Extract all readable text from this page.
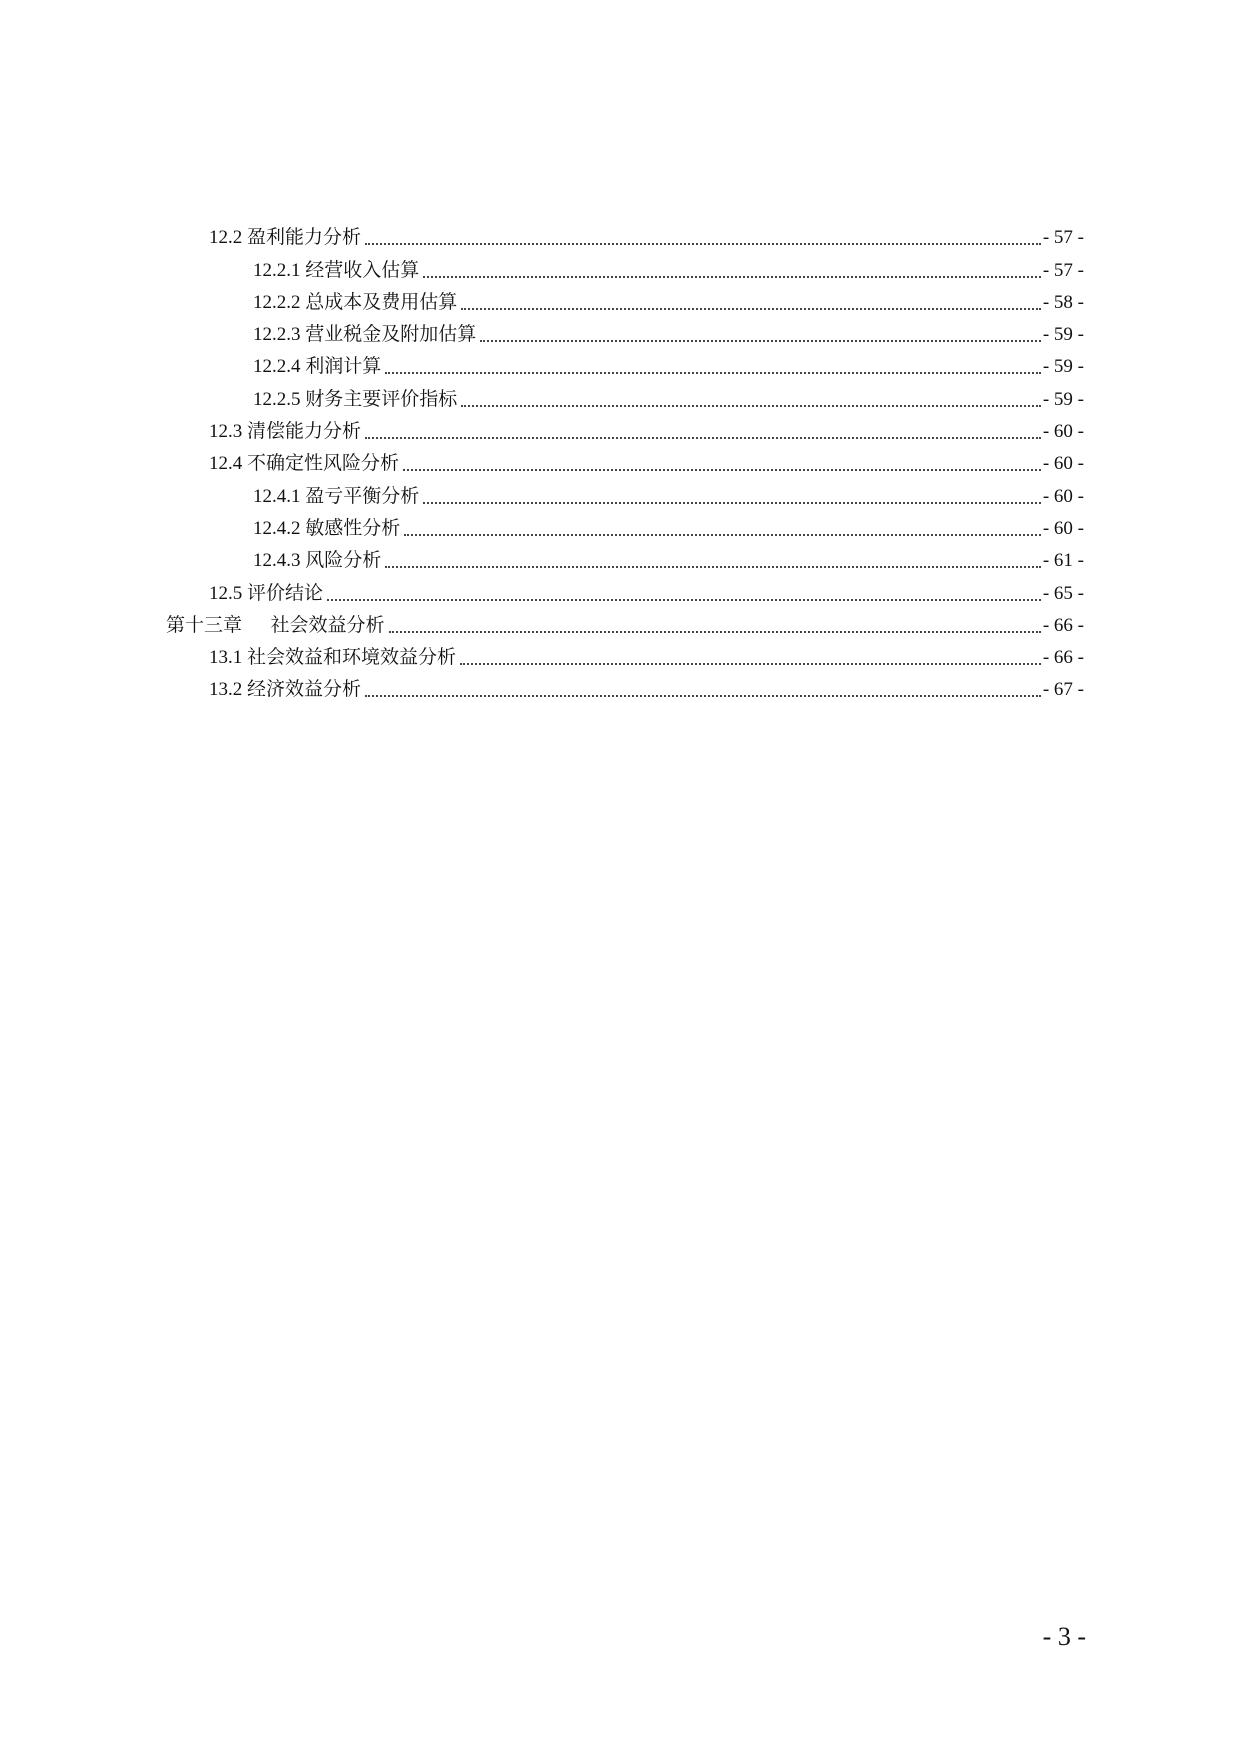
12.2 盈利能力分析	- 57 -
12.2.1 经营收入估算	- 57 -
12.2.2 总成本及费用估算	- 58 -
12.2.3 营业税金及附加估算	- 59 -
12.2.4 利润计算	- 59 -
12.2.5 财务主要评价指标	- 59 -
12.3 清偿能力分析	- 60 -
12.4 不确定性风险分析	- 60 -
12.4.1 盈亏平衡分析	- 60 -
12.4.2 敏感性分析	- 60 -
12.4.3 风险分析	- 61 -
12.5 评价结论	- 65 -
第十三章      社会效益分析	- 66 -
13.1 社会效益和环境效益分析	- 66 -
13.2 经济效益分析	- 67 -
- 3 -
